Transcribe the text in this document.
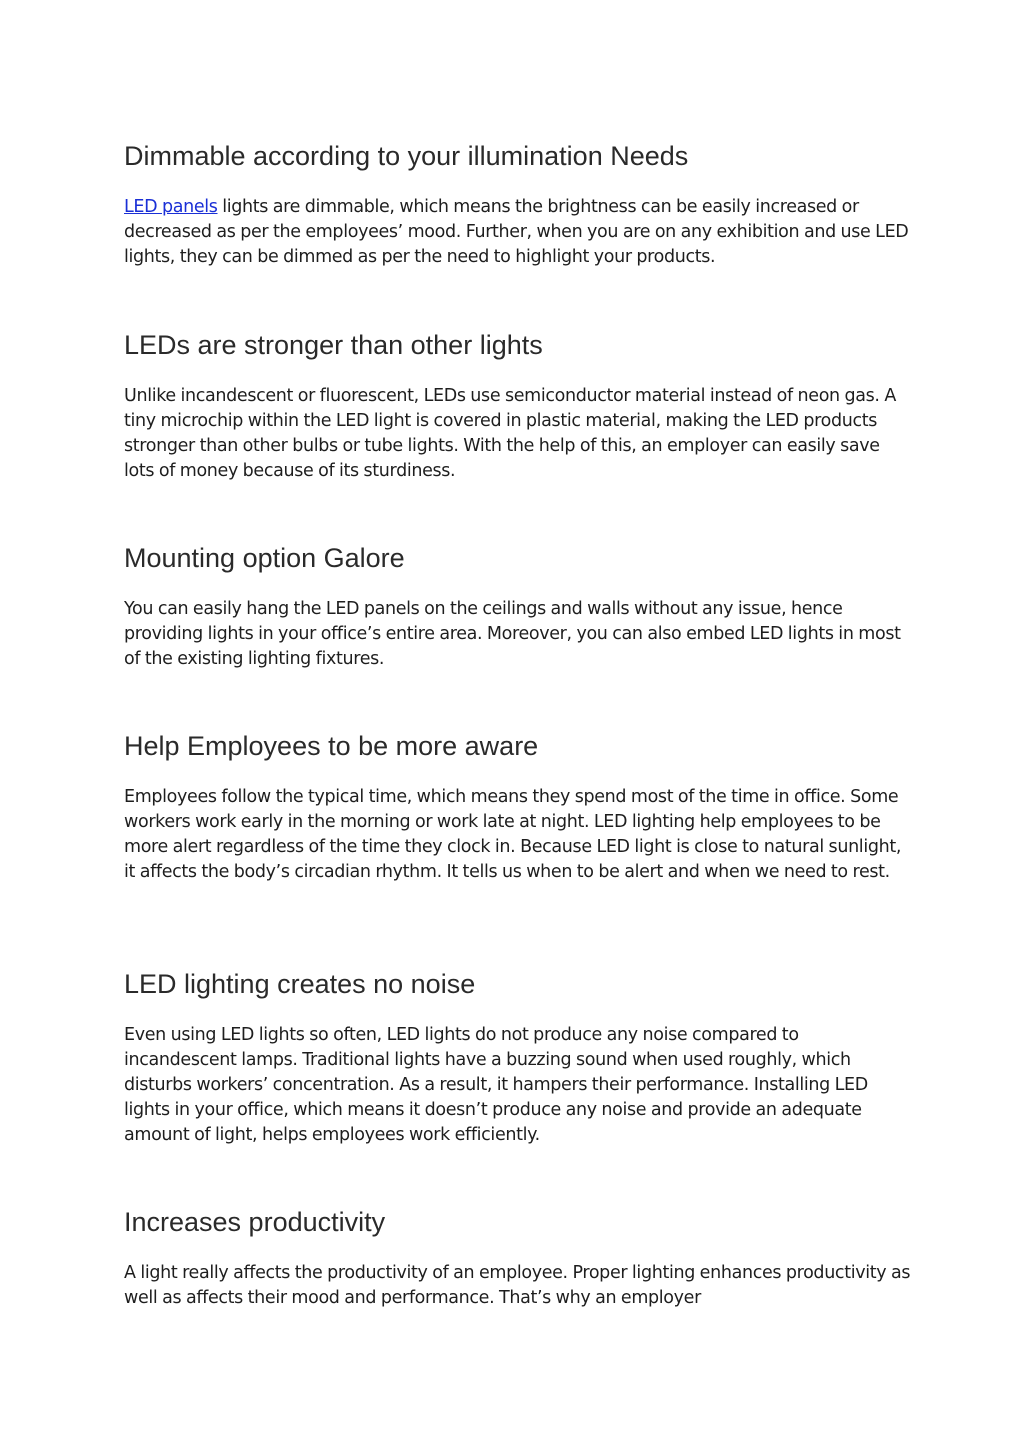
Dimmable according to your illumination Needs

LED panels lights are dimmable, which means the brightness can be easily increased or decreased as per the employees’ mood. Further, when you are on any exhibition and use LED lights, they can be dimmed as per the need to highlight your products.

LEDs are stronger than other lights

Unlike incandescent or fluorescent, LEDs use semiconductor material instead of neon gas. A tiny microchip within the LED light is covered in plastic material, making the LED products stronger than other bulbs or tube lights. With the help of this, an employer can easily save lots of money because of its sturdiness.

Mounting option Galore

You can easily hang the LED panels on the ceilings and walls without any issue, hence providing lights in your office’s entire area. Moreover, you can also embed LED lights in most of the existing lighting fixtures.

Help Employees to be more aware

Employees follow the typical time, which means they spend most of the time in office. Some workers work early in the morning or work late at night. LED lighting help employees to be more alert regardless of the time they clock in. Because LED light is close to natural sunlight, it affects the body’s circadian rhythm. It tells us when to be alert and when we need to rest.

LED lighting creates no noise

Even using LED lights so often, LED lights do not produce any noise compared to incandescent lamps. Traditional lights have a buzzing sound when used roughly, which disturbs workers’ concentration. As a result, it hampers their performance. Installing LED lights in your office, which means it doesn’t produce any noise and provide an adequate amount of light, helps employees work efficiently.

Increases productivity

A light really affects the productivity of an employee. Proper lighting enhances productivity as well as affects their mood and performance. That’s why an employer
